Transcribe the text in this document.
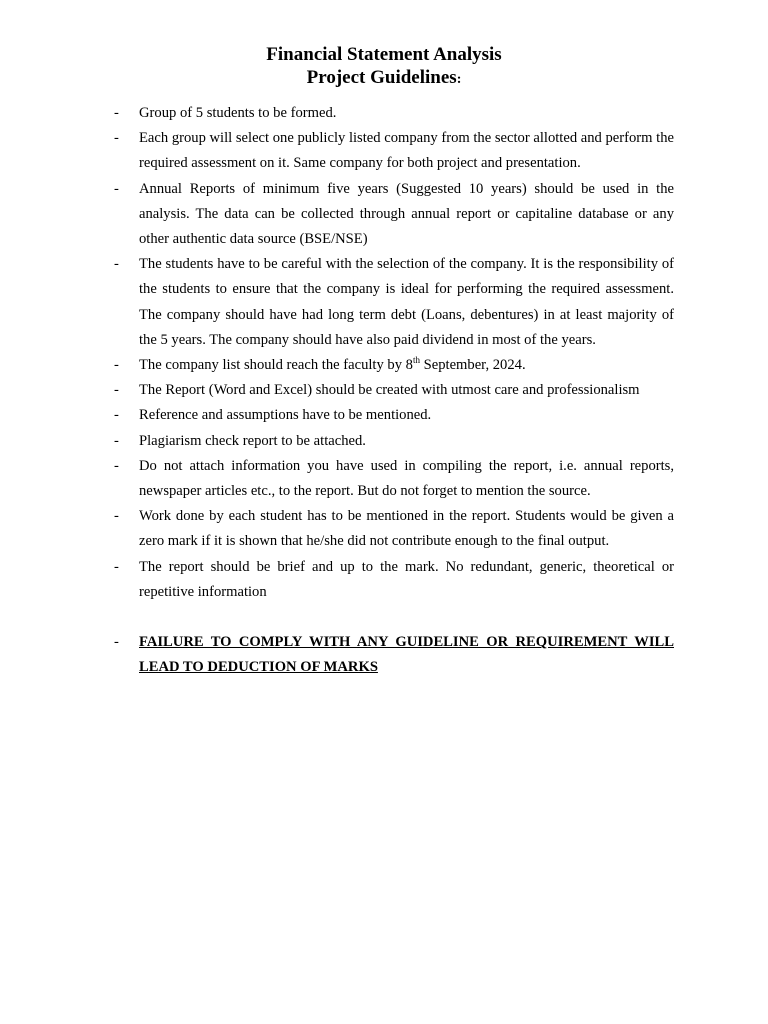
Financial Statement Analysis
Project Guidelines:
-	Group of 5 students to be formed.
-	Each group will select one publicly listed company from the sector allotted and perform the required assessment on it. Same company for both project and presentation.
-	Annual Reports of minimum five years (Suggested 10 years) should be used in the analysis. The data can be collected through annual report or capitaline database or any other authentic data source (BSE/NSE)
-	The students have to be careful with the selection of the company. It is the responsibility of the students to ensure that the company is ideal for performing the required assessment. The company should have had long term debt (Loans, debentures) in at least majority of the 5 years. The company should have also paid dividend in most of the years.
-	The company list should reach the faculty by 8th September, 2024.
-	The Report (Word and Excel) should be created with utmost care and professionalism
-	Reference and assumptions have to be mentioned.
-	Plagiarism check report to be attached.
-	Do not attach information you have used in compiling the report, i.e. annual reports, newspaper articles etc., to the report. But do not forget to mention the source.
-	Work done by each student has to be mentioned in the report. Students would be given a zero mark if it is shown that he/she did not contribute enough to the final output.
-	The report should be brief and up to the mark. No redundant, generic, theoretical or repetitive information
-	FAILURE TO COMPLY WITH ANY GUIDELINE OR REQUIREMENT WILL LEAD TO DEDUCTION OF MARKS
